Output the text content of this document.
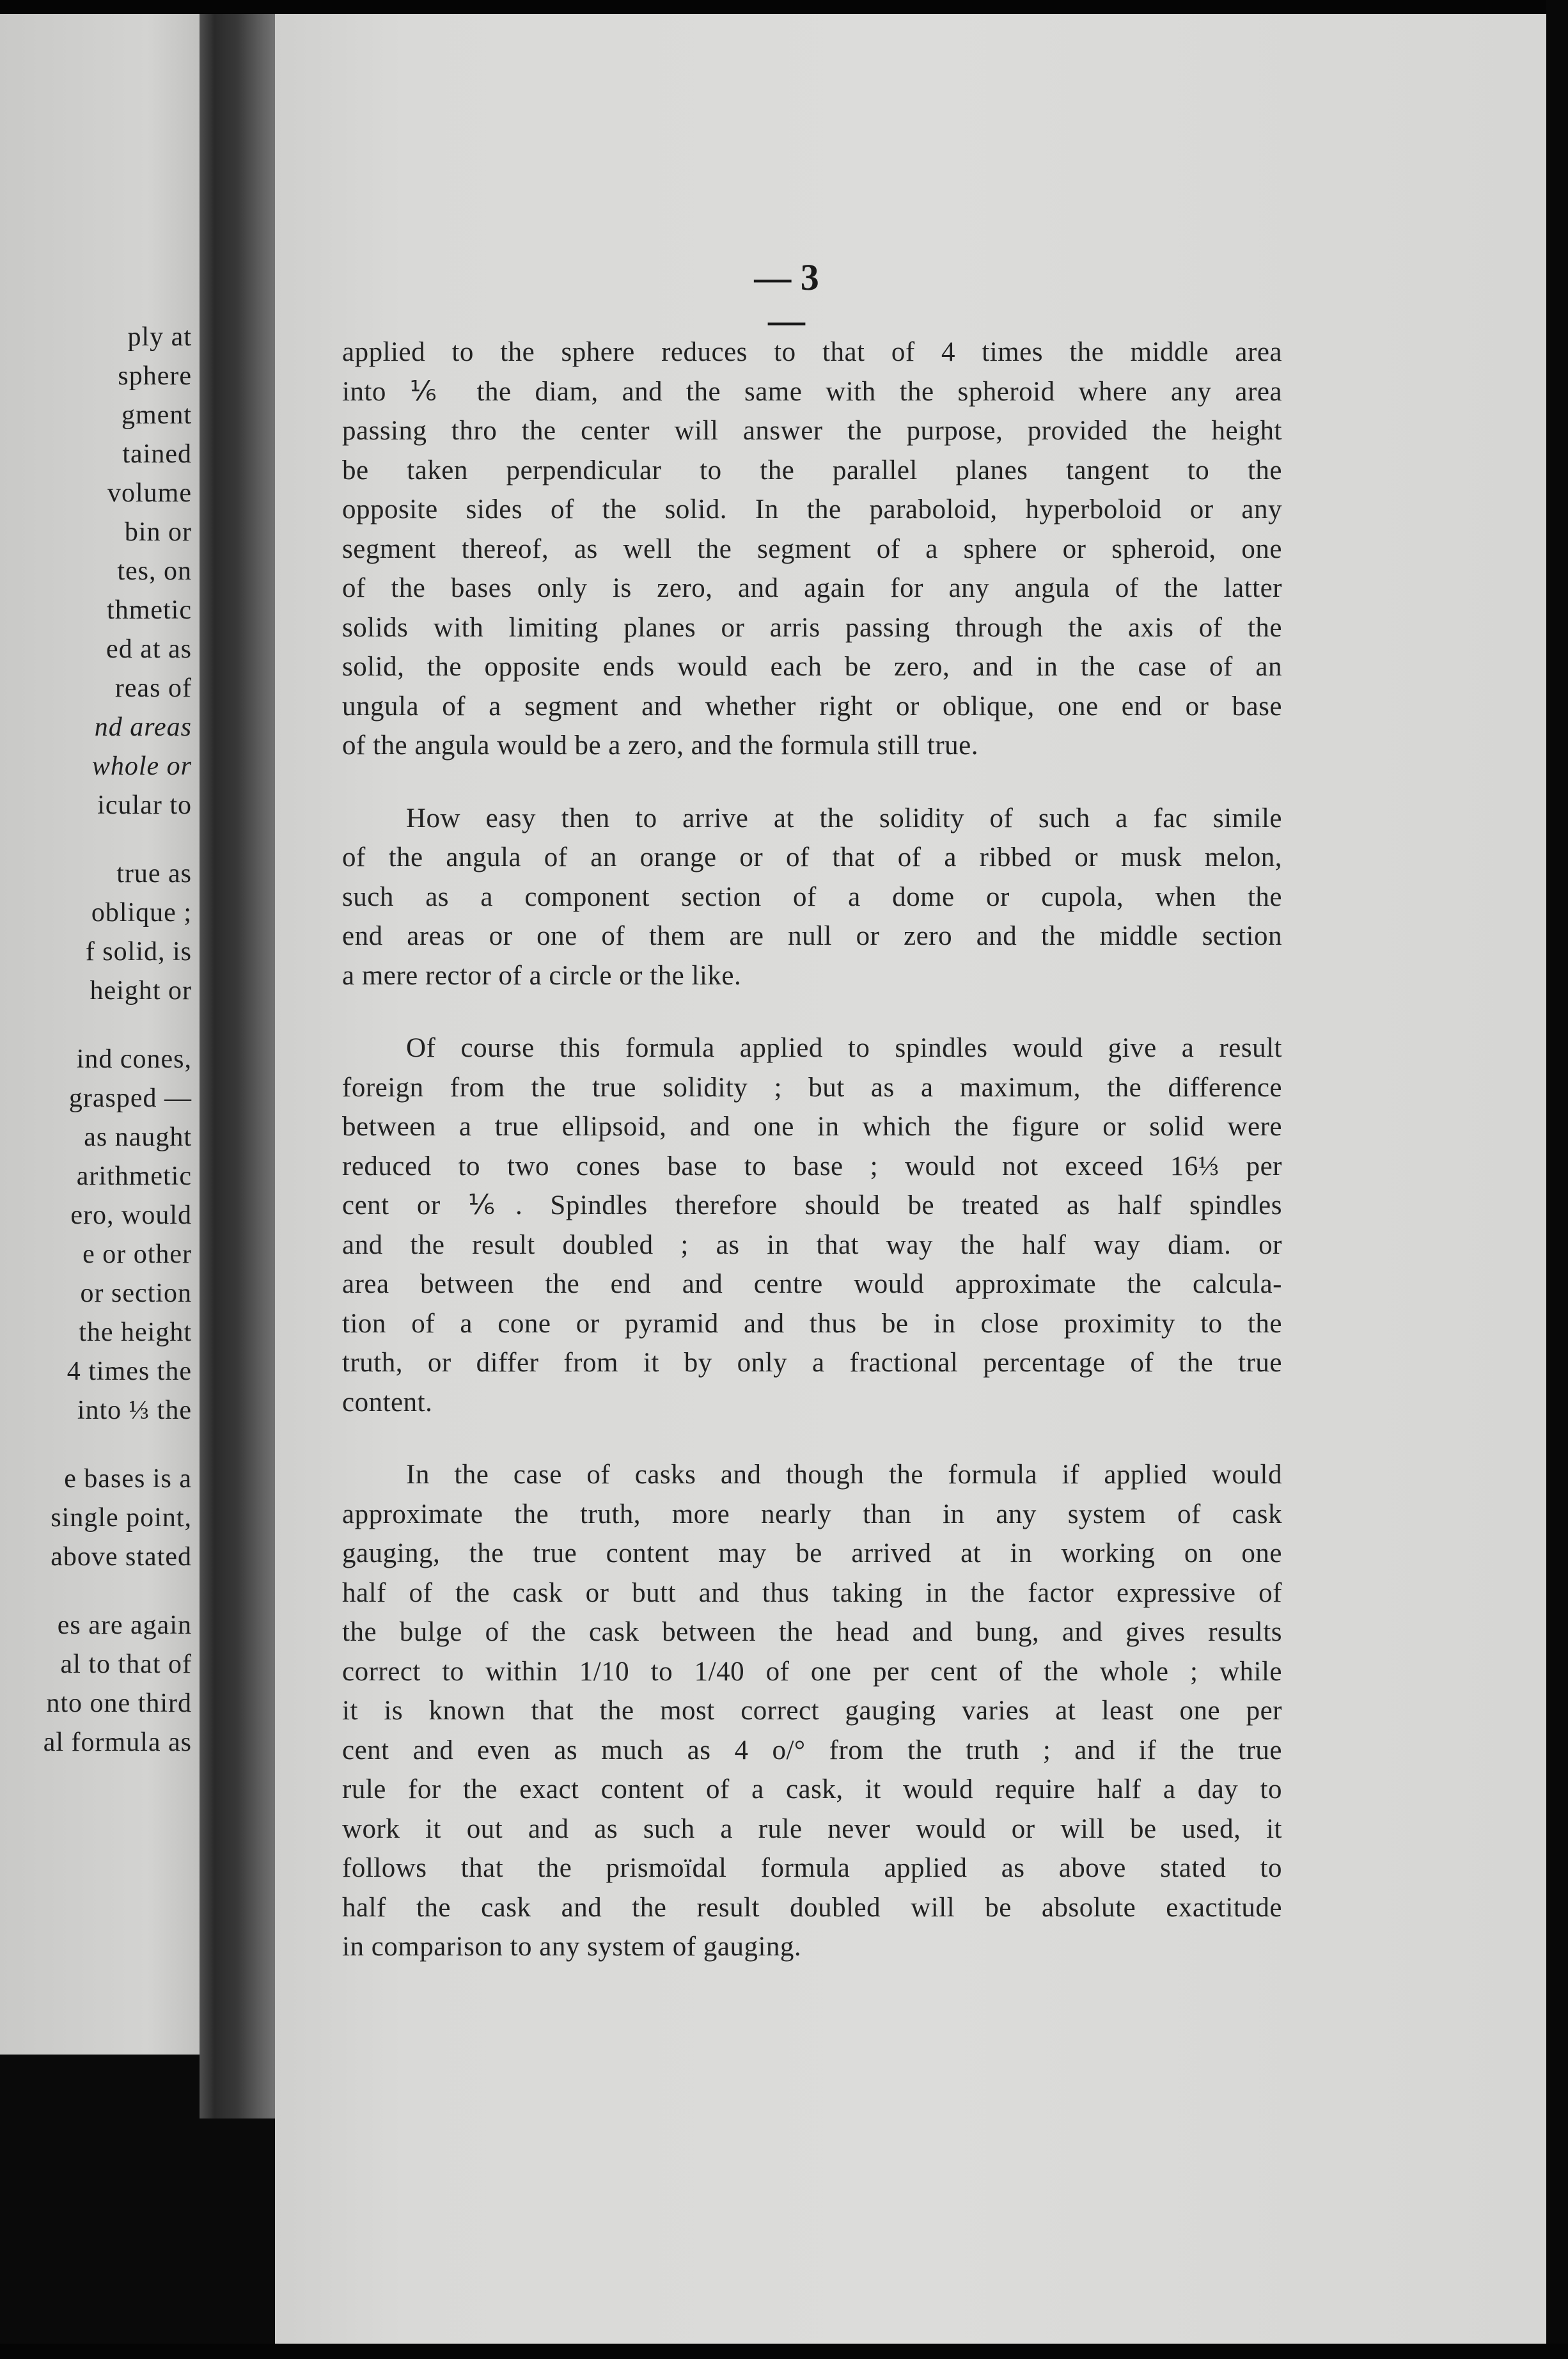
ply at
sphere
gment
tained
volume
bin or
tes, on
thmetic
ed at as
reas of
nd areas
whole or
icular to
true as
oblique ;
f solid, is
height or
ind cones,
grasped —
as naught
arithmetic
ero, would
e or other
or section
the height
4 times the
into ⅓ the
e bases is a
single point,
above stated
es are again
al to that of
nto one third
al formula as
— 3 —
applied to the sphere reduces to that of 4 times the middle area
into ⅙ the diam, and the same with the spheroid where any area
passing thro the center will answer the purpose, provided the height
be taken perpendicular to the parallel planes tangent to the
opposite sides of the solid. In the paraboloid, hyperboloid or any
segment thereof, as well the segment of a sphere or spheroid, one
of the bases only is zero, and again for any angula of the latter
solids with limiting planes or arris passing through the axis of the
solid, the opposite ends would each be zero, and in the case of an
ungula of a segment and whether right or oblique, one end or base
of the angula would be a zero, and the formula still true.
How easy then to arrive at the solidity of such a fac simile
of the angula of an orange or of that of a ribbed or musk melon,
such as a component section of a dome or cupola, when the
end areas or one of them are null or zero and the middle section
a mere rector of a circle or the like.
Of course this formula applied to spindles would give a result
foreign from the true solidity ; but as a maximum, the difference
between a true ellipsoid, and one in which the figure or solid were
reduced to two cones base to base ; would not exceed 16⅓ per
cent or ⅙. Spindles therefore should be treated as half spindles
and the result doubled ; as in that way the half way diam. or
area between the end and centre would approximate the calcula-
tion of a cone or pyramid and thus be in close proximity to the
truth, or differ from it by only a fractional percentage of the true
content.
In the case of casks and though the formula if applied would
approximate the truth, more nearly than in any system of cask
gauging, the true content may be arrived at in working on one
half of the cask or butt and thus taking in the factor expressive of
the bulge of the cask between the head and bung, and gives results
correct to within 1/10 to 1/40 of one per cent of the whole ; while
it is known that the most correct gauging varies at least one per
cent and even as much as 4 o/° from the truth ; and if the true
rule for the exact content of a cask, it would require half a day to
work it out and as such a rule never would or will be used, it
follows that the prismoïdal formula applied as above stated to
half the cask and the result doubled will be absolute exactitude
in comparison to any system of gauging.
